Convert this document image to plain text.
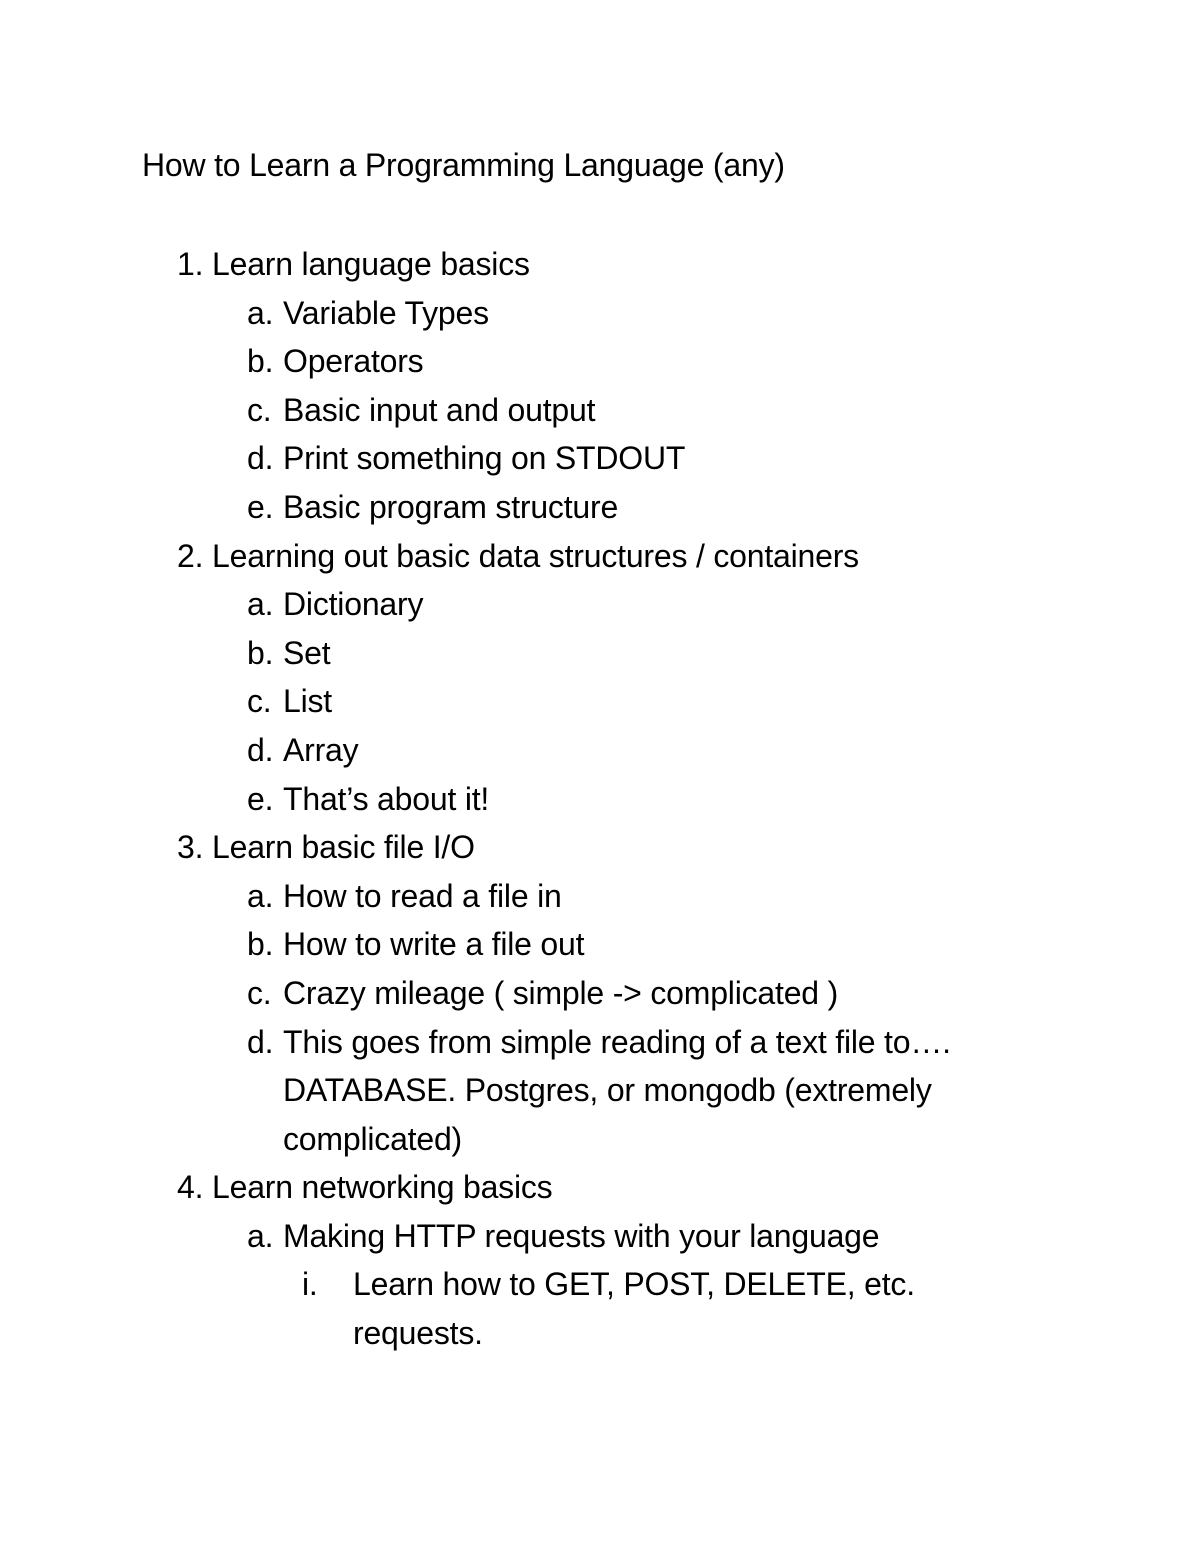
How to Learn a Programming Language (any)
1. Learn language basics
a. Variable Types
b. Operators
c. Basic input and output
d. Print something on STDOUT
e. Basic program structure
2. Learning out basic data structures / containers
a. Dictionary
b. Set
c. List
d. Array
e. That’s about it!
3. Learn basic file I/O
a. How to read a file in
b. How to write a file out
c. Crazy mileage ( simple -> complicated )
d. This goes from simple reading of a text file to….
DATABASE. Postgres, or mongodb (extremely
complicated)
4. Learn networking basics
a. Making HTTP requests with your language
i. Learn how to GET, POST, DELETE, etc.
requests.
